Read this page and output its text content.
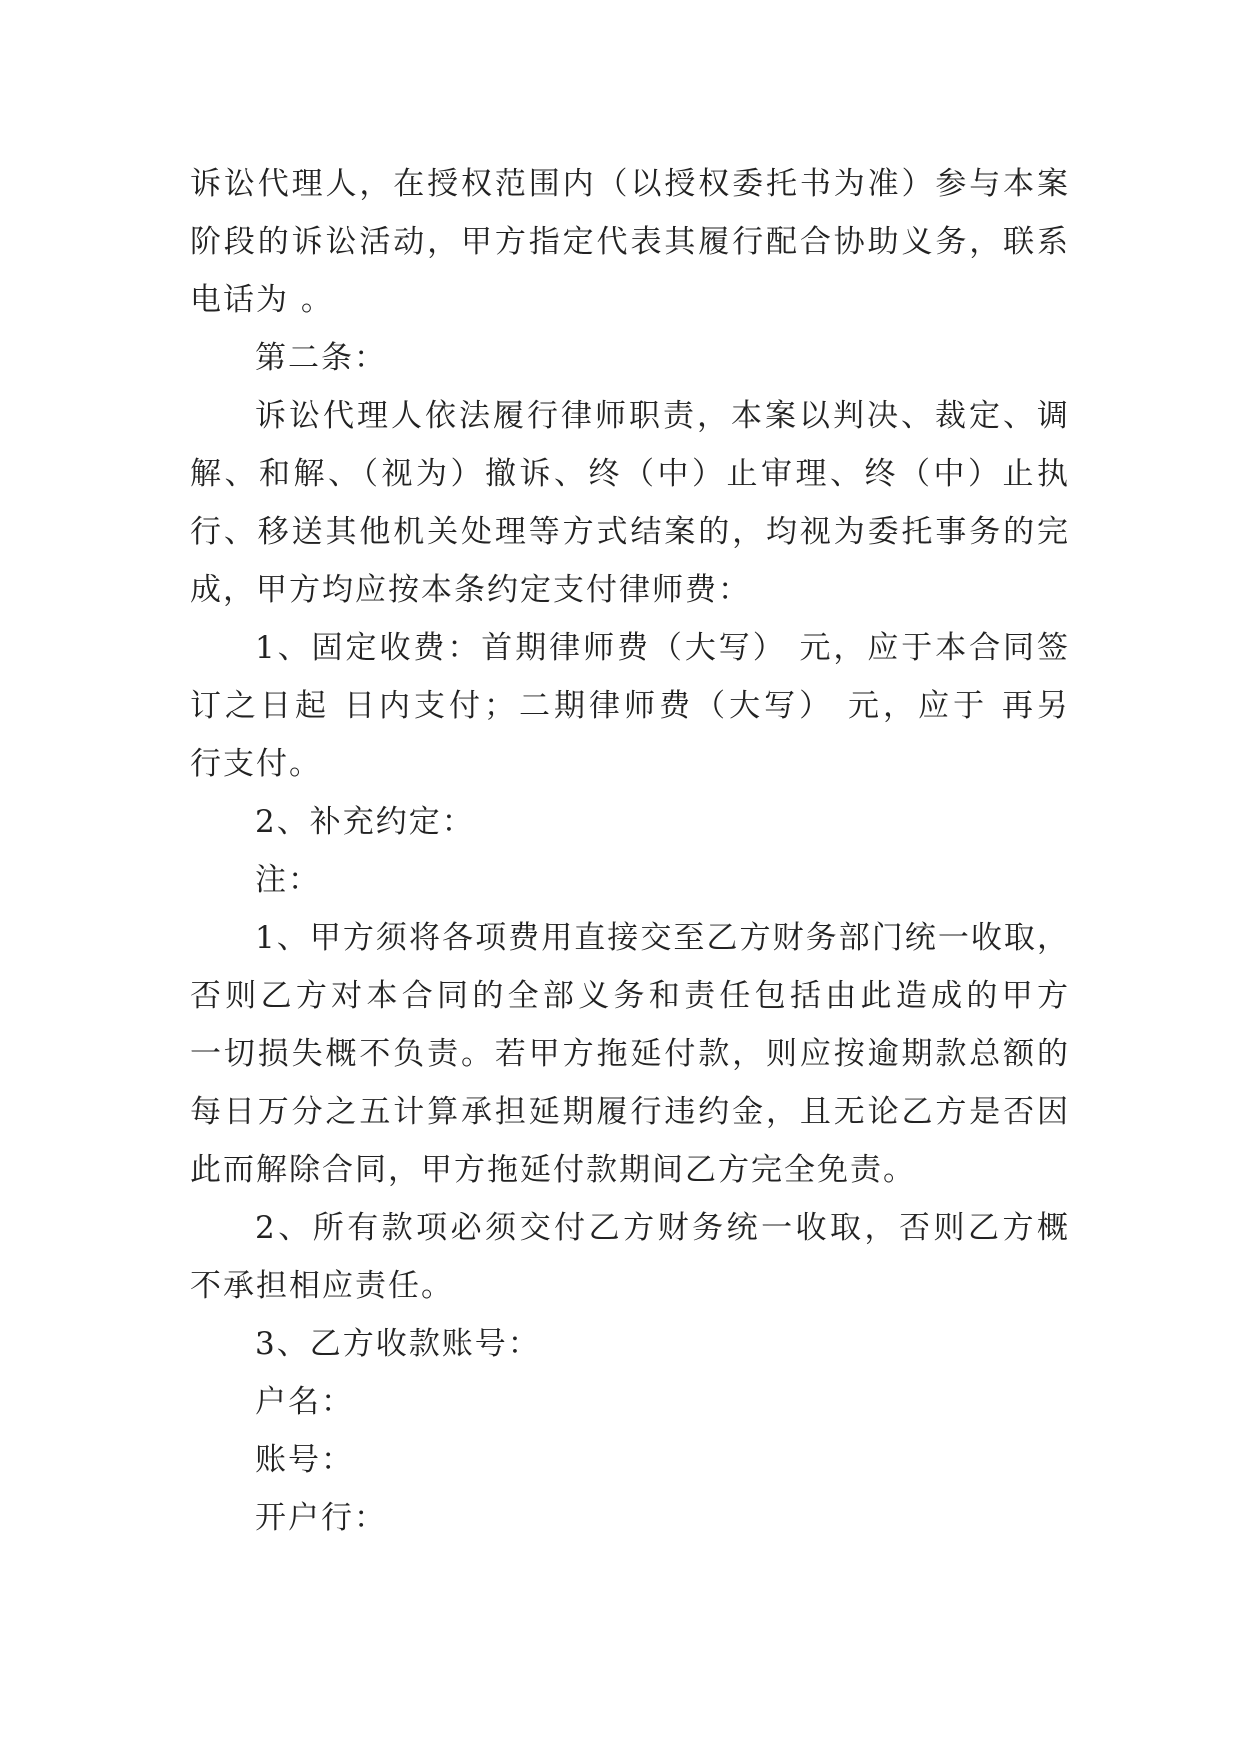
诉讼代理人，在授权范围内（以授权委托书为准）参与本案
阶段的诉讼活动，甲方指定代表其履行配合协助义务，联系
电话为 。
第二条：
诉讼代理人依法履行律师职责，本案以判决、裁定、调
解、和解、（视为）撤诉、终（中）止审理、终（中）止执
行、移送其他机关处理等方式结案的，均视为委托事务的完
成，甲方均应按本条约定支付律师费：
1、固定收费：首期律师费（大写） 元，应于本合同签
订之日起 日内支付；二期律师费（大写） 元，应于 再另
行支付。
2、补充约定：
注：
1、甲方须将各项费用直接交至乙方财务部门统一收取，
否则乙方对本合同的全部义务和责任包括由此造成的甲方
一切损失概不负责。若甲方拖延付款，则应按逾期款总额的
每日万分之五计算承担延期履行违约金，且无论乙方是否因
此而解除合同，甲方拖延付款期间乙方完全免责。
2、所有款项必须交付乙方财务统一收取，否则乙方概
不承担相应责任。
3、乙方收款账号：
户名：
账号：
开户行：
